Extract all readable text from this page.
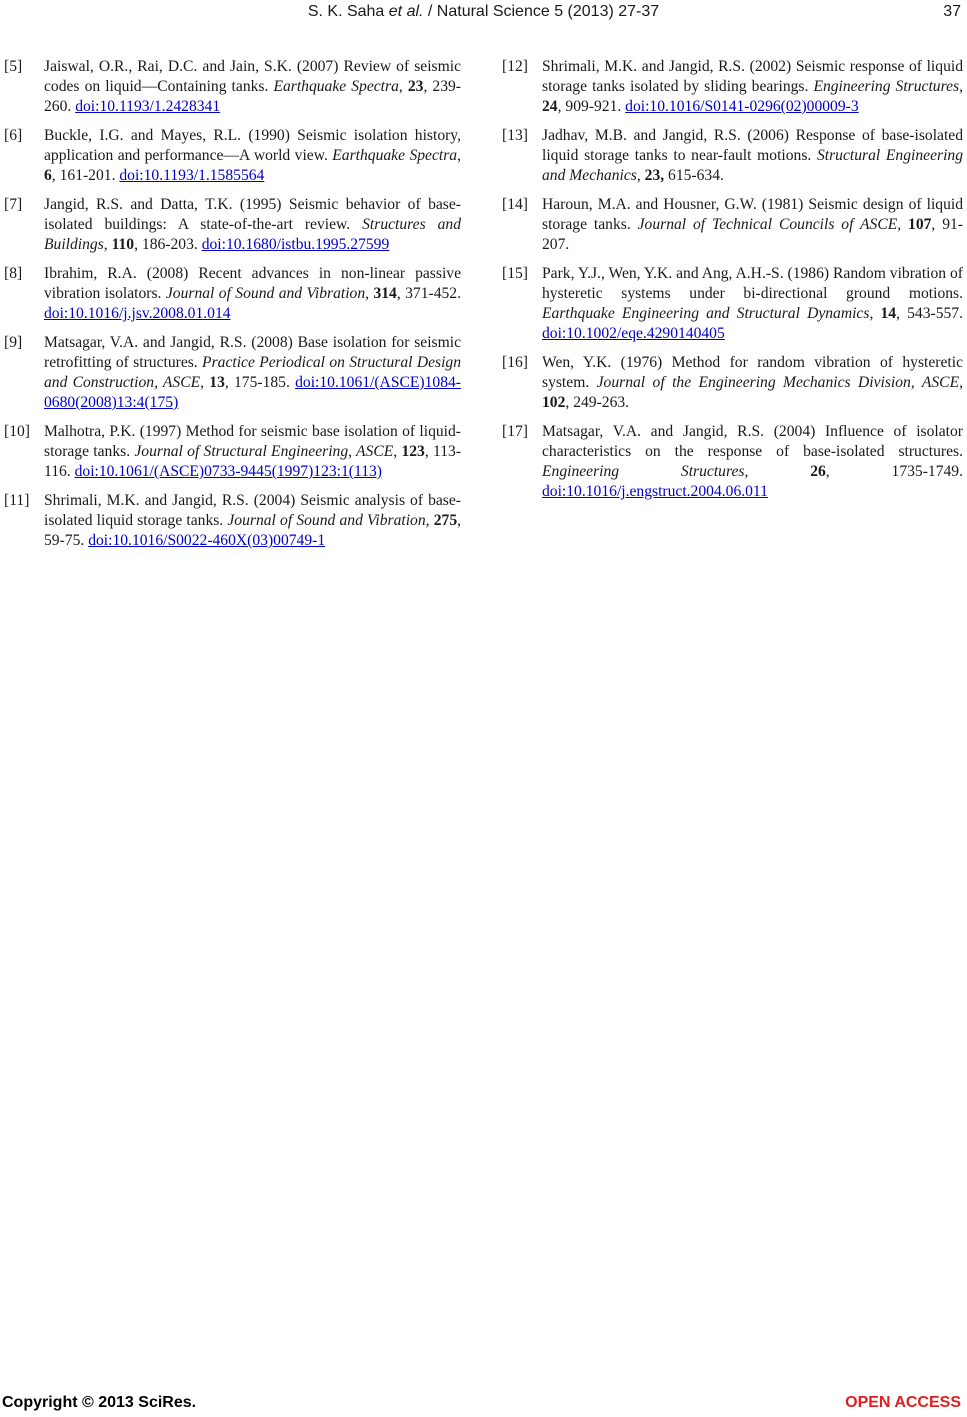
S. K. Saha et al. / Natural Science 5 (2013) 27-37	37
[5]	Jaiswal, O.R., Rai, D.C. and Jain, S.K. (2007) Review of seismic codes on liquid—Containing tanks. Earthquake Spectra, 23, 239-260. doi:10.1193/1.2428341
[6]	Buckle, I.G. and Mayes, R.L. (1990) Seismic isolation history, application and performance—A world view. Earthquake Spectra, 6, 161-201. doi:10.1193/1.1585564
[7]	Jangid, R.S. and Datta, T.K. (1995) Seismic behavior of base-isolated buildings: A state-of-the-art review. Structures and Buildings, 110, 186-203. doi:10.1680/istbu.1995.27599
[8]	Ibrahim, R.A. (2008) Recent advances in non-linear passive vibration isolators. Journal of Sound and Vibration, 314, 371-452. doi:10.1016/j.jsv.2008.01.014
[9]	Matsagar, V.A. and Jangid, R.S. (2008) Base isolation for seismic retrofitting of structures. Practice Periodical on Structural Design and Construction, ASCE, 13, 175-185. doi:10.1061/(ASCE)1084-0680(2008)13:4(175)
[10] Malhotra, P.K. (1997) Method for seismic base isolation of liquid-storage tanks. Journal of Structural Engineering, ASCE, 123, 113-116. doi:10.1061/(ASCE)0733-9445(1997)123:1(113)
[11] Shrimali, M.K. and Jangid, R.S. (2004) Seismic analysis of base-isolated liquid storage tanks. Journal of Sound and Vibration, 275, 59-75. doi:10.1016/S0022-460X(03)00749-1
[12] Shrimali, M.K. and Jangid, R.S. (2002) Seismic response of liquid storage tanks isolated by sliding bearings. Engineering Structures, 24, 909-921. doi:10.1016/S0141-0296(02)00009-3
[13] Jadhav, M.B. and Jangid, R.S. (2006) Response of base-isolated liquid storage tanks to near-fault motions. Structural Engineering and Mechanics, 23, 615-634.
[14] Haroun, M.A. and Housner, G.W. (1981) Seismic design of liquid storage tanks. Journal of Technical Councils of ASCE, 107, 91-207.
[15] Park, Y.J., Wen, Y.K. and Ang, A.H.-S. (1986) Random vibration of hysteretic systems under bi-directional ground motions. Earthquake Engineering and Structural Dynamics, 14, 543-557. doi:10.1002/eqe.4290140405
[16] Wen, Y.K. (1976) Method for random vibration of hysteretic system. Journal of the Engineering Mechanics Division, ASCE, 102, 249-263.
[17] Matsagar, V.A. and Jangid, R.S. (2004) Influence of isolator characteristics on the response of base-isolated structures. Engineering Structures, 26, 1735-1749. doi:10.1016/j.engstruct.2004.06.011
Copyright © 2013 SciRes.	OPEN ACCESS
